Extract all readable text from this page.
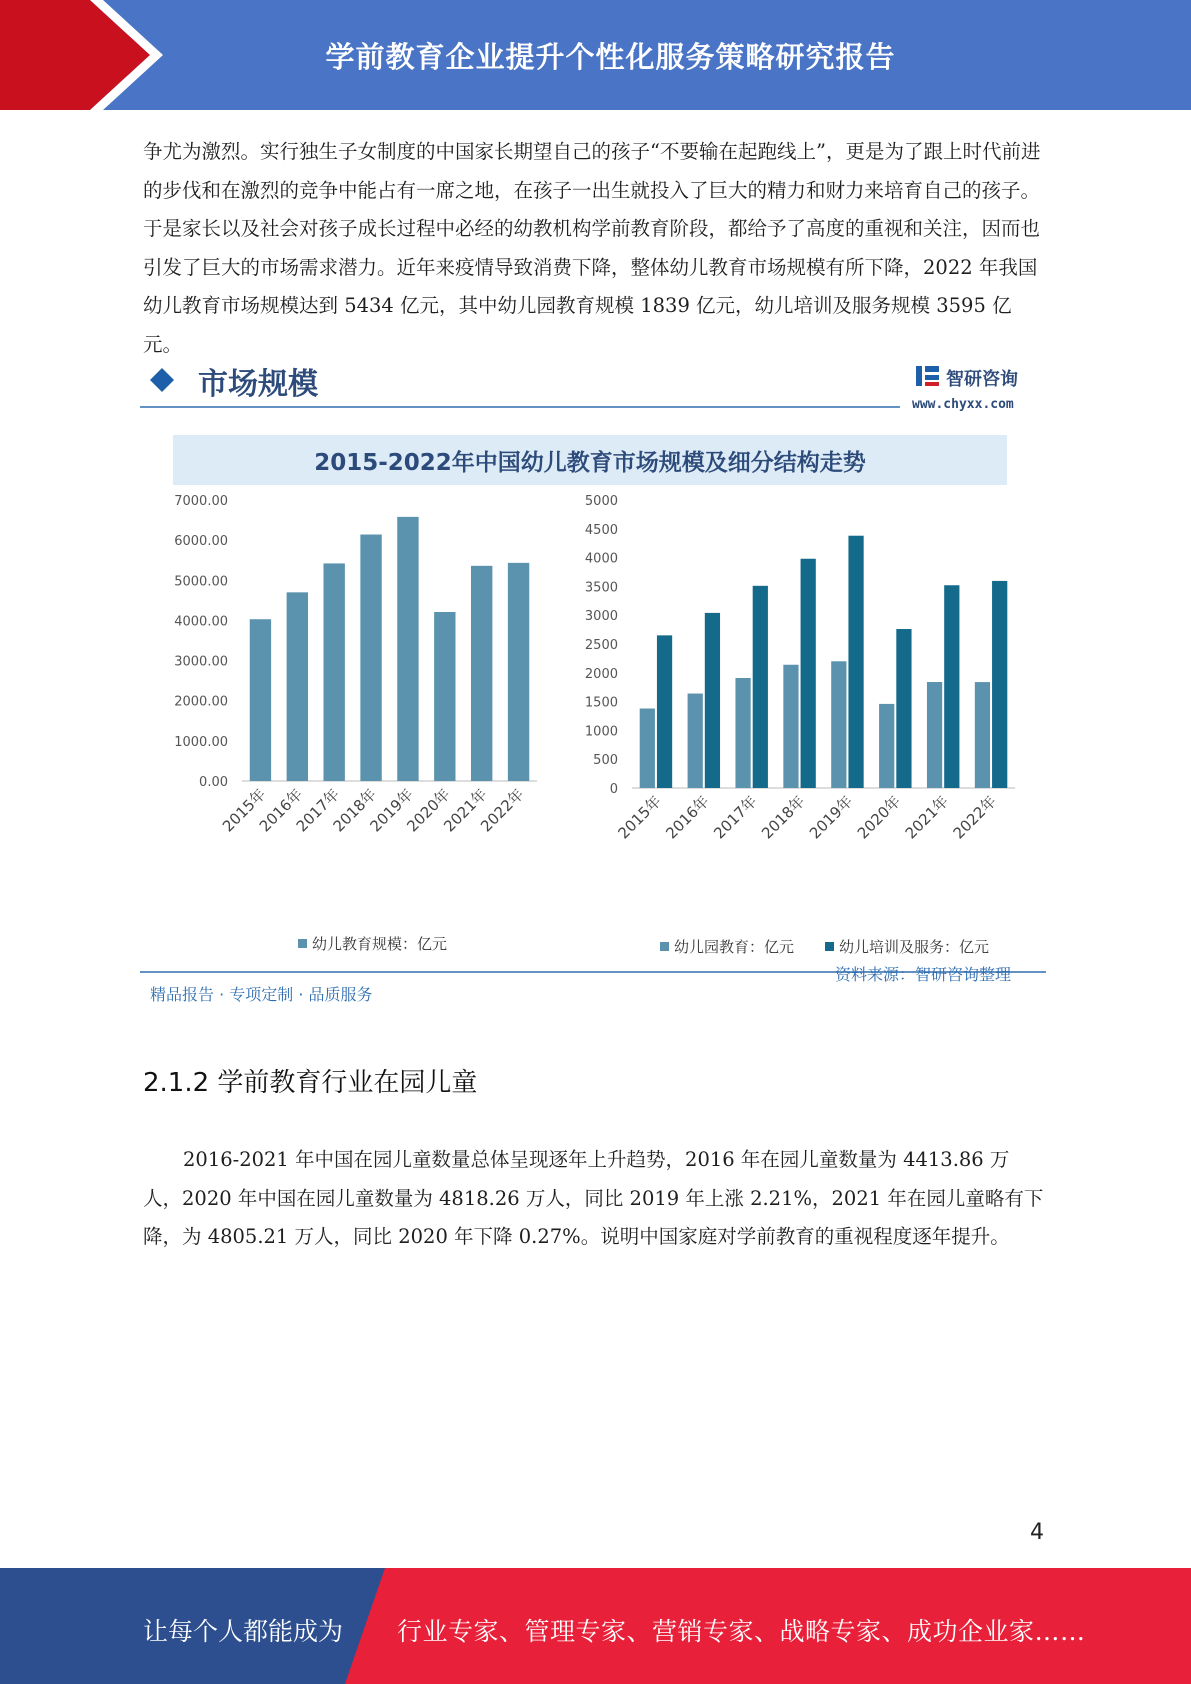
学前教育企业提升个性化服务策略研究报告

争尤为激烈。实行独生子女制度的中国家长期望自己的孩子“不要输在起跑线上”，更是为了跟上时代前进的步伐和在激烈的竞争中能占有一席之地，在孩子一出生就投入了巨大的精力和财力来培育自己的孩子。于是家长以及社会对孩子成长过程中必经的幼教机构学前教育阶段，都给予了高度的重视和关注，因而也引发了巨大的市场需求潜力。近年来疫情导致消费下降，整体幼儿教育市场规模有所下降，2022 年我国幼儿教育市场规模达到 5434 亿元，其中幼儿园教育规模 1839 亿元，幼儿培训及服务规模 3595 亿元。

0.00
1000.00
2000.00
3000.00
4000.00
5000.00
6000.00
7000.00
2015年
2016年
2017年
2018年
2019年
2020年
2021年
2022年	0
500
1000
1500
2000
2500
3000
3500
4000
4500
5000
2015年
2016年
2017年
2018年
2019年
2020年
2021年
2022年
市场规模	智研咨询
www.chyxx.com
2015-2022年中国幼儿教育市场规模及细分结构走势
幼儿教育规模：亿元	幼儿园教育：亿元	幼儿培训及服务：亿元
资料来源：智研咨询整理
精品报告 · 专项定制 · 品质服务
2.1.2 学前教育行业在园儿童

2016-2021 年中国在园儿童数量总体呈现逐年上升趋势，2016 年在园儿童数量为 4413.86 万人，2020 年中国在园儿童数量为 4818.26 万人，同比 2019 年上涨 2.21%，2021 年在园儿童略有下降，为 4805.21 万人，同比 2020 年下降 0.27%。说明中国家庭对学前教育的重视程度逐年提升。

4
让每个人都能成为 行业专家、管理专家、营销专家、战略专家、成功企业家……
